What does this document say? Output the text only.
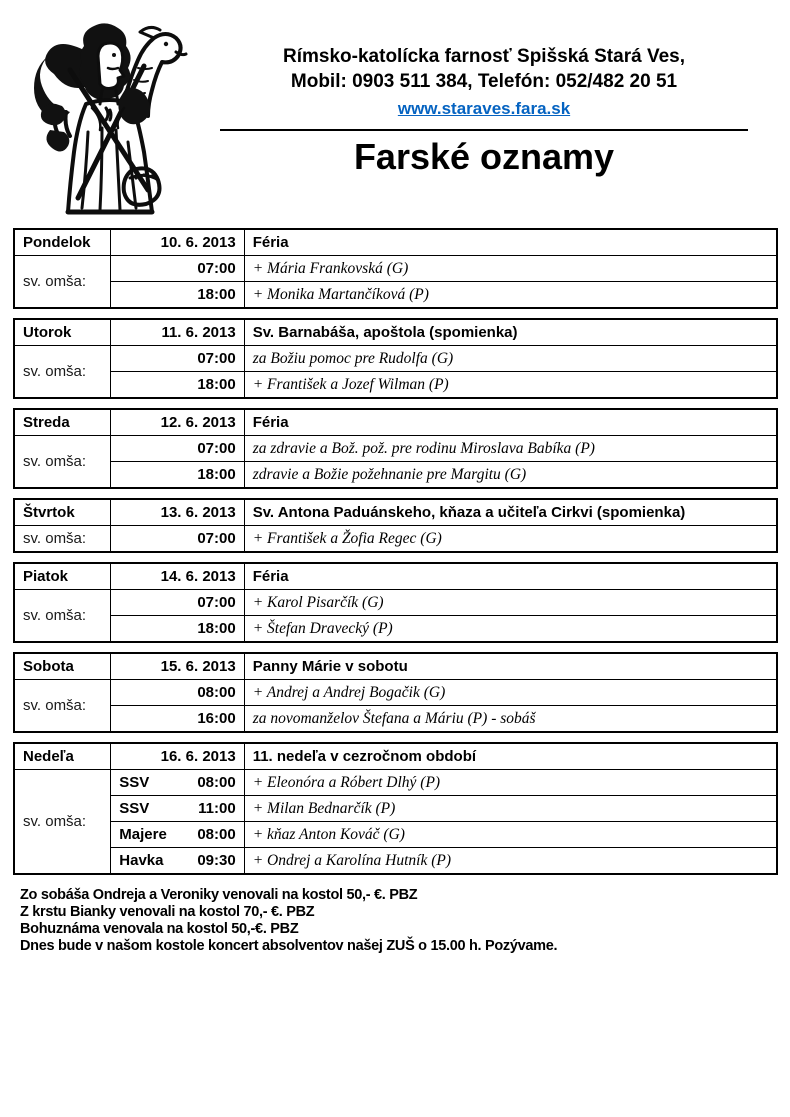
Rímsko-katolícka farnosť Spišská Stará Ves,
Mobil: 0903 511 384, Telefón: 052/482 20 51
www.staraves.fara.sk
Farské oznamy
Pondelok	10. 6. 2013	Féria
sv. omša:	07:00	+ Mária Frankovská (G)
	18:00	+ Monika Martančíková (P)
Utorok	11. 6. 2013	Sv. Barnabáša, apoštola (spomienka)
sv. omša:	07:00	za Božiu pomoc pre Rudolfa (G)
	18:00	+ František a Jozef Wilman (P)
Streda	12. 6. 2013	Féria
sv. omša:	07:00	za zdravie a Bož. pož. pre rodinu Miroslava Babíka (P)
	18:00	zdravie a Božie požehnanie pre Margitu (G)
Štvrtok	13. 6. 2013	Sv. Antona Paduánskeho, kňaza a učiteľa Cirkvi (spomienka)
sv. omša:	07:00	+ František a Žofia Regec (G)
Piatok	14. 6. 2013	Féria
sv. omša:	07:00	+ Karol Pisarčík (G)
	18:00	+ Štefan Dravecký (P)
Sobota	15. 6. 2013	Panny Márie v sobotu
sv. omša:	08:00	+ Andrej a Andrej Bogačik (G)
	16:00	za novomanželov Štefana a Máriu (P) - sobáš
Nedeľa	16. 6. 2013	11. nedeľa v cezročnom období
sv. omša:	SSV 08:00	+ Eleonóra a Róbert Dlhý (P)

	SSV 11:00	+ Milan Bednarčík (P)

	Majere 08:00	+ kňaz Anton Kováč (G)

	Havka 09:30	+ Ondrej a Karolína Hutník (P)

Zo sobáša Ondreja a Veroniky venovali na kostol 50,- €. PBZ

Z krstu Bianky venovali na kostol 70,- €. PBZ

Bohuznáma venovala na kostol 50,-€. PBZ

Dnes bude v našom kostole koncert absolventov našej ZUŠ o 15.00 h. Pozývame.
